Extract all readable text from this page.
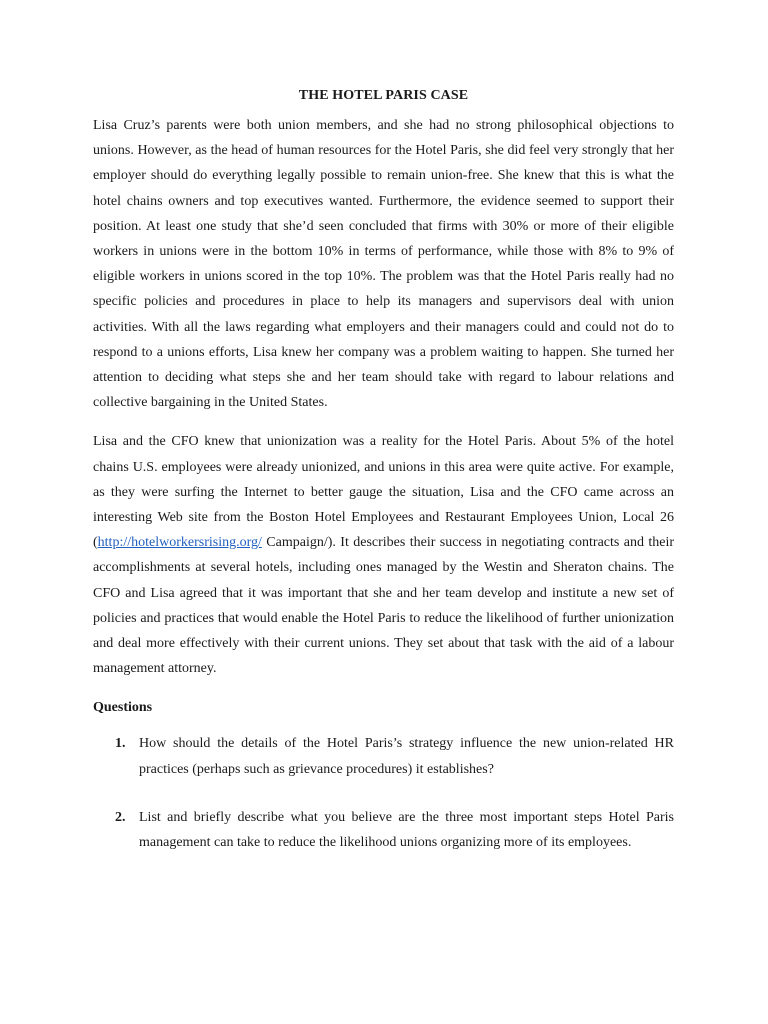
THE HOTEL PARIS CASE

Lisa Cruz’s parents were both union members, and she had no strong philosophical objections to unions. However, as the head of human resources for the Hotel Paris, she did feel very strongly that her employer should do everything legally possible to remain union-free. She knew that this is what the hotel chains owners and top executives wanted. Furthermore, the evidence seemed to support their position. At least one study that she’d seen concluded that firms with 30% or more of their eligible workers in unions were in the bottom 10% in terms of performance, while those with 8% to 9% of eligible workers in unions scored in the top 10%. The problem was that the Hotel Paris really had no specific policies and procedures in place to help its managers and supervisors deal with union activities. With all the laws regarding what employers and their managers could and could not do to respond to a unions efforts, Lisa knew her company was a problem waiting to happen. She turned her attention to deciding what steps she and her team should take with regard to labour relations and collective bargaining in the United States.

Lisa and the CFO knew that unionization was a reality for the Hotel Paris. About 5% of the hotel chains U.S. employees were already unionized, and unions in this area were quite active. For example, as they were surfing the Internet to better gauge the situation, Lisa and the CFO came across an interesting Web site from the Boston Hotel Employees and Restaurant Employees Union, Local 26 (http://hotelworkersrising.org/ Campaign/). It describes their success in negotiating contracts and their accomplishments at several hotels, including ones managed by the Westin and Sheraton chains. The CFO and Lisa agreed that it was important that she and her team develop and institute a new set of policies and practices that would enable the Hotel Paris to reduce the likelihood of further unionization and deal more effectively with their current unions. They set about that task with the aid of a labour management attorney.

Questions
1. How should the details of the Hotel Paris’s strategy influence the new union-related HR practices (perhaps such as grievance procedures) it establishes?
2. List and briefly describe what you believe are the three most important steps Hotel Paris management can take to reduce the likelihood unions organizing more of its employees.
